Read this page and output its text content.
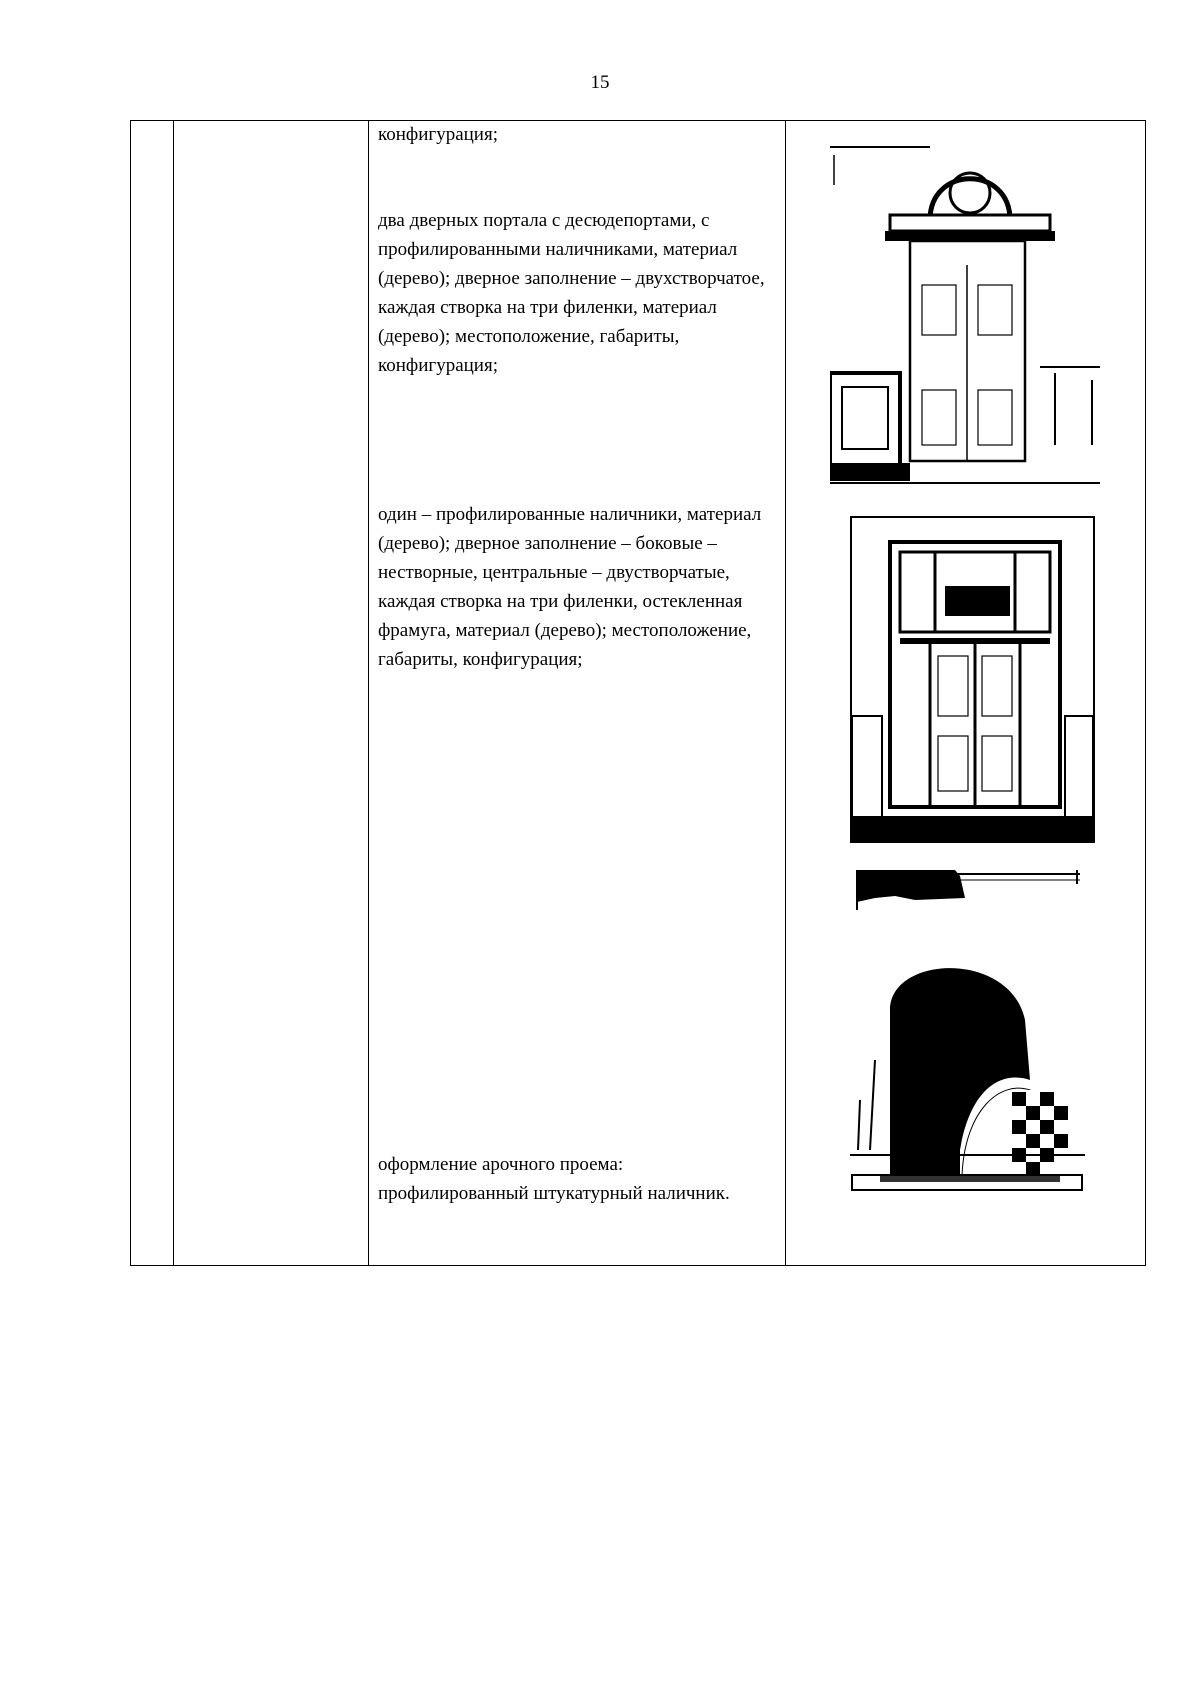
15

конфигурация;

два дверных портала с десюдепортами, с профилированными наличниками, материал (дерево); дверное заполнение – двухстворчатое, каждая створка на три филенки, материал (дерево); местоположение, габариты, конфигурация;

один – профилированные наличники, материал (дерево); дверное заполнение – боковые – нестворные, центральные – двустворчатые, каждая створка на три филенки, остекленная фрамуга, материал (дерево); местоположение, габариты, конфигурация;

оформление арочного проема: профилированный штукатурный наличник.
